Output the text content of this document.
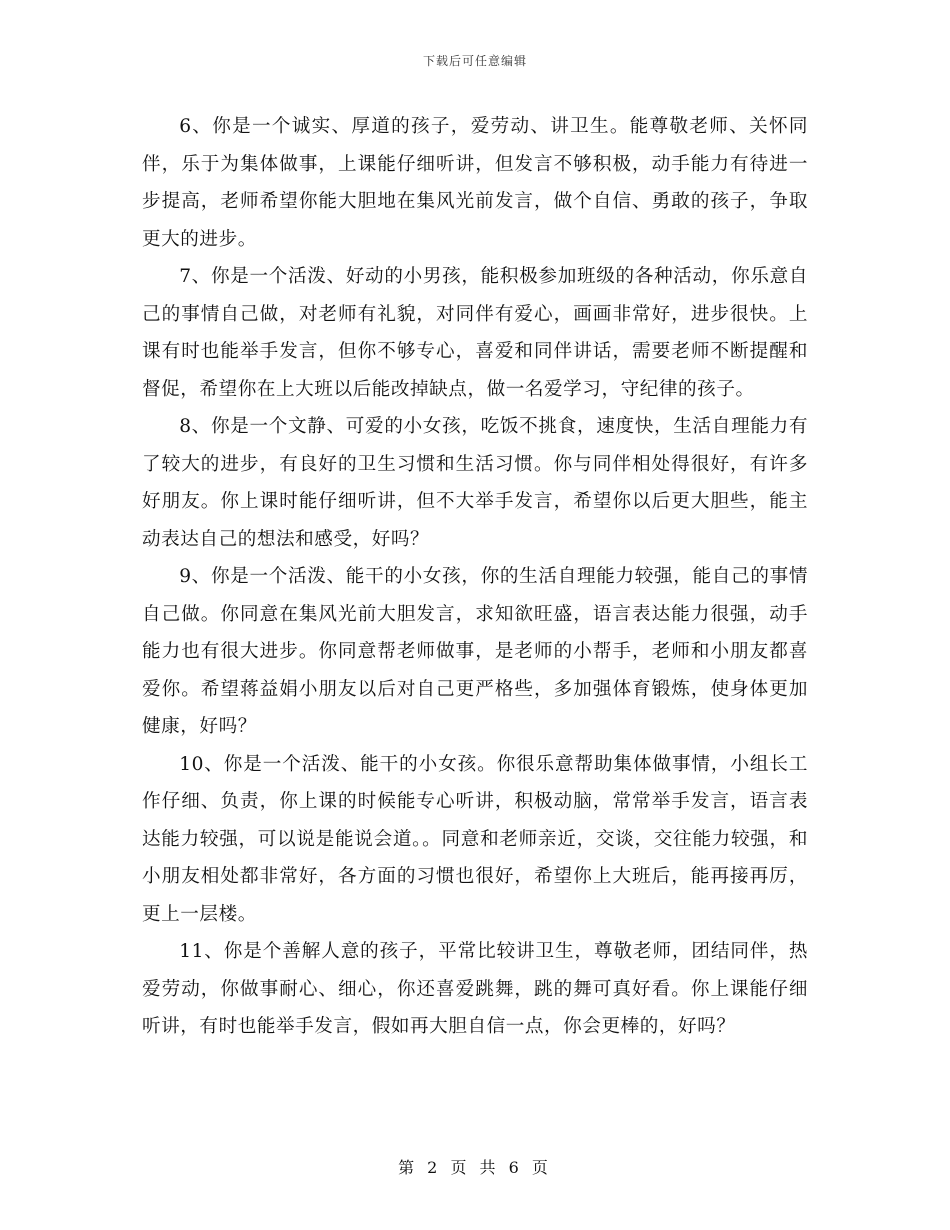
下载后可任意编辑

6、你是一个诚实、厚道的孩子，爱劳动、讲卫生。能尊敬老师、关怀同伴，乐于为集体做事，上课能仔细听讲，但发言不够积极，动手能力有待进一步提高，老师希望你能大胆地在集风光前发言，做个自信、勇敢的孩子，争取更大的进步。

7、你是一个活泼、好动的小男孩，能积极参加班级的各种活动，你乐意自己的事情自己做，对老师有礼貌，对同伴有爱心，画画非常好，进步很快。上课有时也能举手发言，但你不够专心，喜爱和同伴讲话，需要老师不断提醒和督促，希望你在上大班以后能改掉缺点，做一名爱学习，守纪律的孩子。

8、你是一个文静、可爱的小女孩，吃饭不挑食，速度快，生活自理能力有了较大的进步，有良好的卫生习惯和生活习惯。你与同伴相处得很好，有许多好朋友。你上课时能仔细听讲，但不大举手发言，希望你以后更大胆些，能主动表达自己的想法和感受，好吗？

9、你是一个活泼、能干的小女孩，你的生活自理能力较强，能自己的事情自己做。你同意在集风光前大胆发言，求知欲旺盛，语言表达能力很强，动手能力也有很大进步。你同意帮老师做事，是老师的小帮手，老师和小朋友都喜爱你。希望蒋益娟小朋友以后对自己更严格些，多加强体育锻炼，使身体更加健康，好吗？

10、你是一个活泼、能干的小女孩。你很乐意帮助集体做事情，小组长工作仔细、负责，你上课的时候能专心听讲，积极动脑，常常举手发言，语言表达能力较强，可以说是能说会道。。同意和老师亲近，交谈，交往能力较强，和小朋友相处都非常好，各方面的习惯也很好，希望你上大班后，能再接再厉，更上一层楼。

11、你是个善解人意的孩子，平常比较讲卫生，尊敬老师，团结同伴，热爱劳动，你做事耐心、细心，你还喜爱跳舞，跳的舞可真好看。你上课能仔细听讲，有时也能举手发言，假如再大胆自信一点，你会更棒的，好吗？

第 2 页 共 6 页
